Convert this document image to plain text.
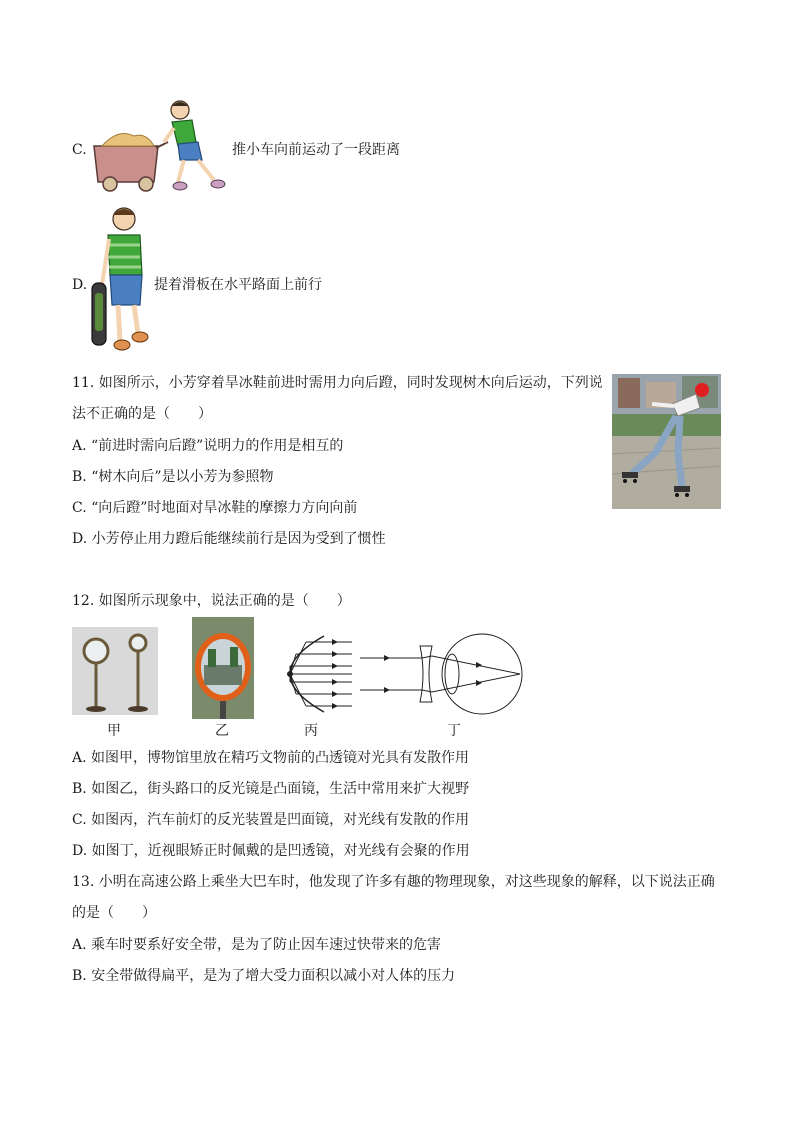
C.	推小车向前运动了一段距离
D.	提着滑板在水平路面上前行
11. 如图所示，小芳穿着旱冰鞋前进时需用力向后蹬，同时发现树木向后运动，下列说
法不正确的是（　　）
A. “前进时需向后蹬”说明力的作用是相互的
B. “树木向后”是以小芳为参照物
C. “向后蹬”时地面对旱冰鞋的摩擦力方向向前
D. 小芳停止用力蹬后能继续前行是因为受到了惯性
12. 如图所示现象中，说法正确的是（　　）
甲	乙	丙	丁
A. 如图甲，博物馆里放在精巧文物前的凸透镜对光具有发散作用
B. 如图乙，街头路口的反光镜是凸面镜，生活中常用来扩大视野
C. 如图丙，汽车前灯的反光装置是凹面镜，对光线有发散的作用
D. 如图丁，近视眼矫正时佩戴的是凹透镜，对光线有会聚的作用
13. 小明在高速公路上乘坐大巴车时，他发现了许多有趣的物理现象，对这些现象的解释，以下说法正确
的是（　　）
A. 乘车时要系好安全带，是为了防止因车速过快带来的危害
B. 安全带做得扁平，是为了增大受力面积以减小对人体的压力
